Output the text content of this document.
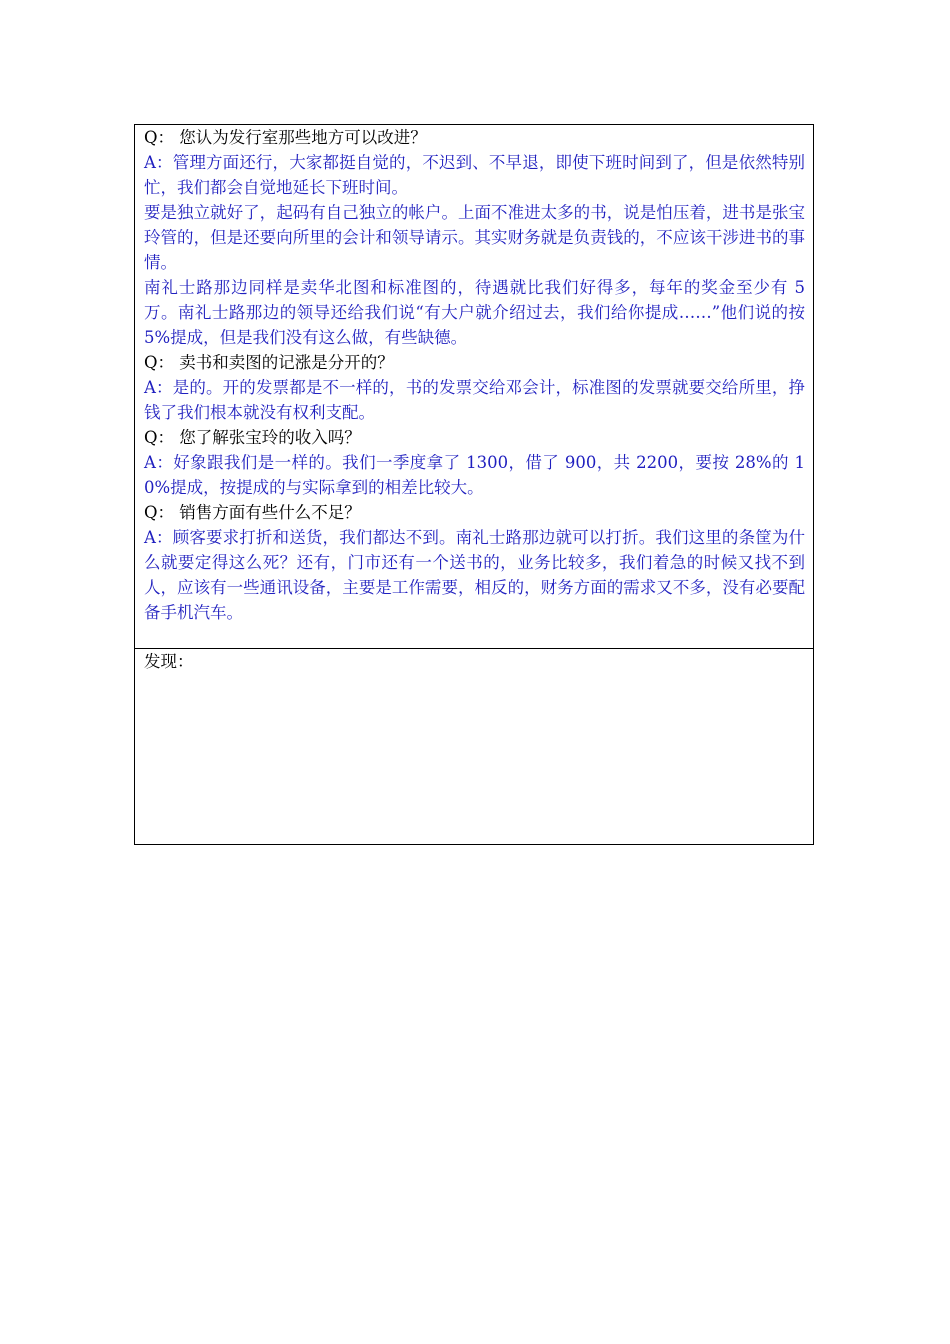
Q： 您认为发行室那些地方可以改进？

A：管理方面还行，大家都挺自觉的，不迟到、不早退，即使下班时间到了，但是依然特别忙，我们都会自觉地延长下班时间。

要是独立就好了，起码有自己独立的帐户。上面不准进太多的书，说是怕压着，进书是张宝玲管的，但是还要向所里的会计和领导请示。其实财务就是负责钱的，不应该干涉进书的事情。

南礼士路那边同样是卖华北图和标准图的，待遇就比我们好得多，每年的奖金至少有 5 万。南礼士路那边的领导还给我们说“有大户就介绍过去，我们给你提成……”他们说的按 5%提成，但是我们没有这么做，有些缺德。

Q： 卖书和卖图的记涨是分开的？

A：是的。开的发票都是不一样的，书的发票交给邓会计，标准图的发票就要交给所里，挣钱了我们根本就没有权利支配。

Q： 您了解张宝玲的收入吗？

A：好象跟我们是一样的。我们一季度拿了 1300，借了 900，共 2200，要按 28%的 10%提成，按提成的与实际拿到的相差比较大。

Q： 销售方面有些什么不足？

A：顾客要求打折和送货，我们都达不到。南礼士路那边就可以打折。我们这里的条筐为什么就要定得这么死？还有，门市还有一个送书的，业务比较多，我们着急的时候又找不到人，应该有一些通讯设备，主要是工作需要，相反的，财务方面的需求又不多，没有必要配备手机汽车。

发现：
